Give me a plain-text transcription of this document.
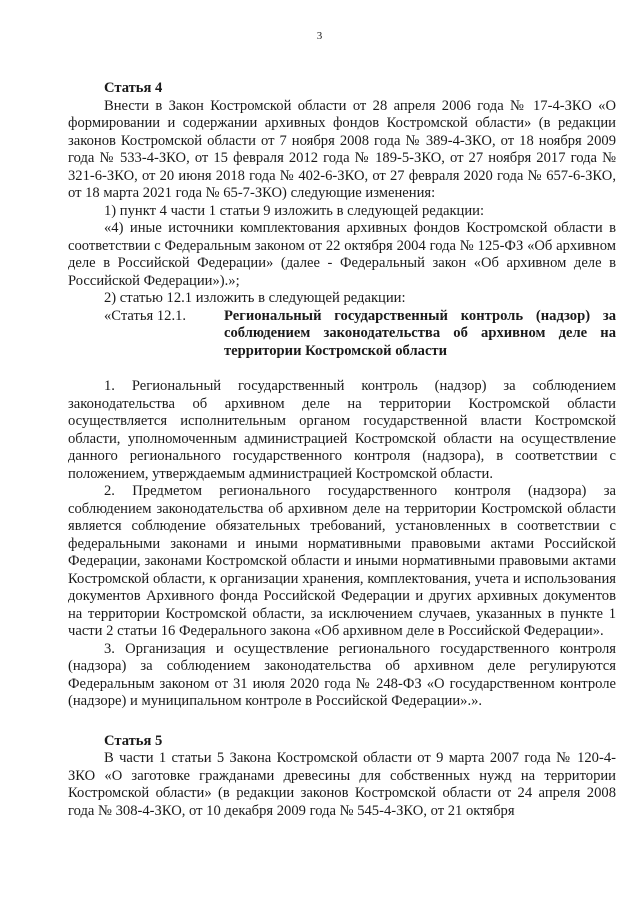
3

Статья 4

Внести в Закон Костромской области от 28 апреля 2006 года № 17-4-ЗКО «О формировании и содержании архивных фондов Костромской области» (в редакции законов Костромской области от 7 ноября 2008 года № 389-4-ЗКО, от 18 ноября 2009 года № 533-4-ЗКО, от 15 февраля 2012 года № 189-5-ЗКО, от 27 ноября 2017 года № 321-6-ЗКО, от 20 июня 2018 года № 402-6-ЗКО, от 27 февраля 2020 года № 657-6-ЗКО, от 18 марта 2021 года № 65-7-ЗКО) следующие изменения:

1) пункт 4 части 1 статьи 9 изложить в следующей редакции:

«4) иные источники комплектования архивных фондов Костромской области в соответствии с Федеральным законом от 22 октября 2004 года № 125-ФЗ «Об архивном деле в Российской Федерации» (далее - Федеральный закон «Об архивном деле в Российской Федерации»).»;

2) статью 12.1 изложить в следующей редакции:

«Статья 12.1.	Региональный государственный контроль (надзор) за соблюдением законодательства об архивном деле на территории Костромской области

1. Региональный государственный контроль (надзор) за соблюдением законодательства об архивном деле на территории Костромской области осуществляется исполнительным органом государственной власти Костромской области, уполномоченным администрацией Костромской области на осуществление данного регионального государственного контроля (надзора), в соответствии с положением, утверждаемым администрацией Костромской области.

2. Предметом регионального государственного контроля (надзора) за соблюдением законодательства об архивном деле на территории Костромской области является соблюдение обязательных требований, установленных в соответствии с федеральными законами и иными нормативными правовыми актами Российской Федерации, законами Костромской области и иными нормативными правовыми актами Костромской области, к организации хранения, комплектования, учета и использования документов Архивного фонда Российской Федерации и других архивных документов на территории Костромской области, за исключением случаев, указанных в пункте 1 части 2 статьи 16 Федерального закона «Об архивном деле в Российской Федерации».

3. Организация и осуществление регионального государственного контроля (надзора) за соблюдением законодательства об архивном деле регулируются Федеральным законом от 31 июля 2020 года № 248-ФЗ «О государственном контроле (надзоре) и муниципальном контроле в Российской Федерации».».

Статья 5

В части 1 статьи 5 Закона Костромской области от 9 марта 2007 года № 120-4-ЗКО «О заготовке гражданами древесины для собственных нужд на территории Костромской области» (в редакции законов Костромской области от 24 апреля 2008 года № 308-4-ЗКО, от 10 декабря 2009 года № 545-4-ЗКО, от 21 октября
